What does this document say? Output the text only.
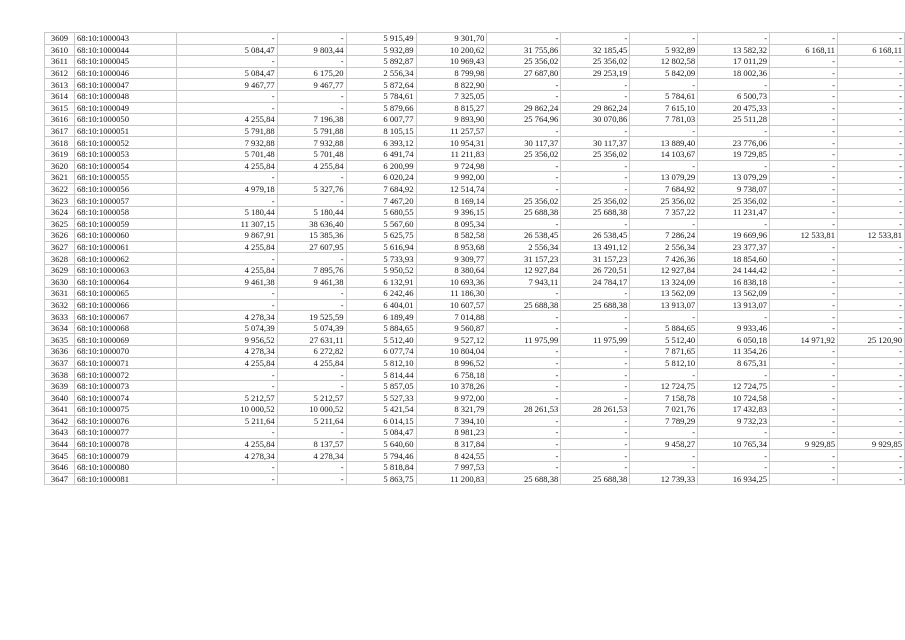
3609	68:10:1000043	-	-	5 915,49	9 301,70	-	-	-	-	-	-
3610	68:10:1000044	5 084,47	9 803,44	5 932,89	10 200,62	31 755,86	32 185,45	5 932,89	13 582,32	6 168,11	6 168,11
3611	68:10:1000045	-	-	5 892,87	10 969,43	25 356,02	25 356,02	12 802,58	17 011,29	-	-
3612	68:10:1000046	5 084,47	6 175,20	2 556,34	8 799,98	27 687,80	29 253,19	5 842,09	18 002,36	-	-
3613	68:10:1000047	9 467,77	9 467,77	5 872,64	8 822,90	-	-	-	-	-	-
3614	68:10:1000048	-	-	5 784,61	7 325,05	-	-	5 784,61	6 500,73	-	-
3615	68:10:1000049	-	-	5 879,66	8 815,27	29 862,24	29 862,24	7 615,10	20 475,33	-	-
3616	68:10:1000050	4 255,84	7 196,38	6 007,77	9 893,90	25 764,96	30 070,86	7 781,03	25 511,28	-	-
3617	68:10:1000051	5 791,88	5 791,88	8 105,15	11 257,57	-	-	-	-	-	-
3618	68:10:1000052	7 932,88	7 932,88	6 393,12	10 954,31	30 117,37	30 117,37	13 889,40	23 776,06	-	-
3619	68:10:1000053	5 701,48	5 701,48	6 491,74	11 211,83	25 356,02	25 356,02	14 103,67	19 729,85	-	-
3620	68:10:1000054	4 255,84	4 255,84	6 200,99	9 724,98	-	-	-	-	-	-
3621	68:10:1000055	-	-	6 020,24	9 992,00	-	-	13 079,29	13 079,29	-	-
3622	68:10:1000056	4 979,18	5 327,76	7 684,92	12 514,74	-	-	7 684,92	9 738,07	-	-
3623	68:10:1000057	-	-	7 467,20	8 169,14	25 356,02	25 356,02	25 356,02	25 356,02	-	-
3624	68:10:1000058	5 180,44	5 180,44	5 680,55	9 396,15	25 688,38	25 688,38	7 357,22	11 231,47	-	-
3625	68:10:1000059	11 307,15	38 636,40	5 567,60	8 095,34	-	-	-	-	-	-
3626	68:10:1000060	9 867,91	15 385,36	5 625,75	8 582,58	26 538,45	26 538,45	7 286,24	19 669,96	12 533,81	12 533,81
3627	68:10:1000061	4 255,84	27 607,95	5 616,94	8 953,68	2 556,34	13 491,12	2 556,34	23 377,37	-	-
3628	68:10:1000062	-	-	5 733,93	9 309,77	31 157,23	31 157,23	7 426,36	18 854,60	-	-
3629	68:10:1000063	4 255,84	7 895,76	5 950,52	8 380,64	12 927,84	26 720,51	12 927,84	24 144,42	-	-
3630	68:10:1000064	9 461,38	9 461,38	6 132,91	10 693,36	7 943,11	24 784,17	13 324,09	16 838,18	-	-
3631	68:10:1000065	-	-	6 242,46	11 186,30	-	-	13 562,09	13 562,09	-	-
3632	68:10:1000066	-	-	6 404,01	10 607,57	25 688,38	25 688,38	13 913,07	13 913,07	-	-
3633	68:10:1000067	4 278,34	19 525,59	6 189,49	7 014,88	-	-	-	-	-	-
3634	68:10:1000068	5 074,39	5 074,39	5 884,65	9 560,87	-	-	5 884,65	9 933,46	-	-
3635	68:10:1000069	9 956,52	27 631,11	5 512,40	9 527,12	11 975,99	11 975,99	5 512,40	6 050,18	14 971,92	25 120,90
3636	68:10:1000070	4 278,34	6 272,82	6 077,74	10 804,04	-	-	7 871,65	11 354,26	-	-
3637	68:10:1000071	4 255,84	4 255,84	5 812,10	8 996,52	-	-	5 812,10	8 675,31	-	-
3638	68:10:1000072	-	-	5 814,44	6 758,18	-	-	-	-	-	-
3639	68:10:1000073	-	-	5 857,05	10 378,26	-	-	12 724,75	12 724,75	-	-
3640	68:10:1000074	5 212,57	5 212,57	5 527,33	9 972,00	-	-	7 158,78	10 724,58	-	-
3641	68:10:1000075	10 000,52	10 000,52	5 421,54	8 321,79	28 261,53	28 261,53	7 021,76	17 432,83	-	-
3642	68:10:1000076	5 211,64	5 211,64	6 014,15	7 394,10	-	-	7 789,29	9 732,23	-	-
3643	68:10:1000077	-	-	5 084,47	8 981,23	-	-	-	-	-	-
3644	68:10:1000078	4 255,84	8 137,57	5 640,60	8 317,84	-	-	9 458,27	10 765,34	9 929,85	9 929,85
3645	68:10:1000079	4 278,34	4 278,34	5 794,46	8 424,55	-	-	-	-	-	-
3646	68:10:1000080	-	-	5 818,84	7 997,53	-	-	-	-	-	-
3647	68:10:1000081	-	-	5 863,75	11 200,83	25 688,38	25 688,38	12 739,33	16 934,25	-	-
